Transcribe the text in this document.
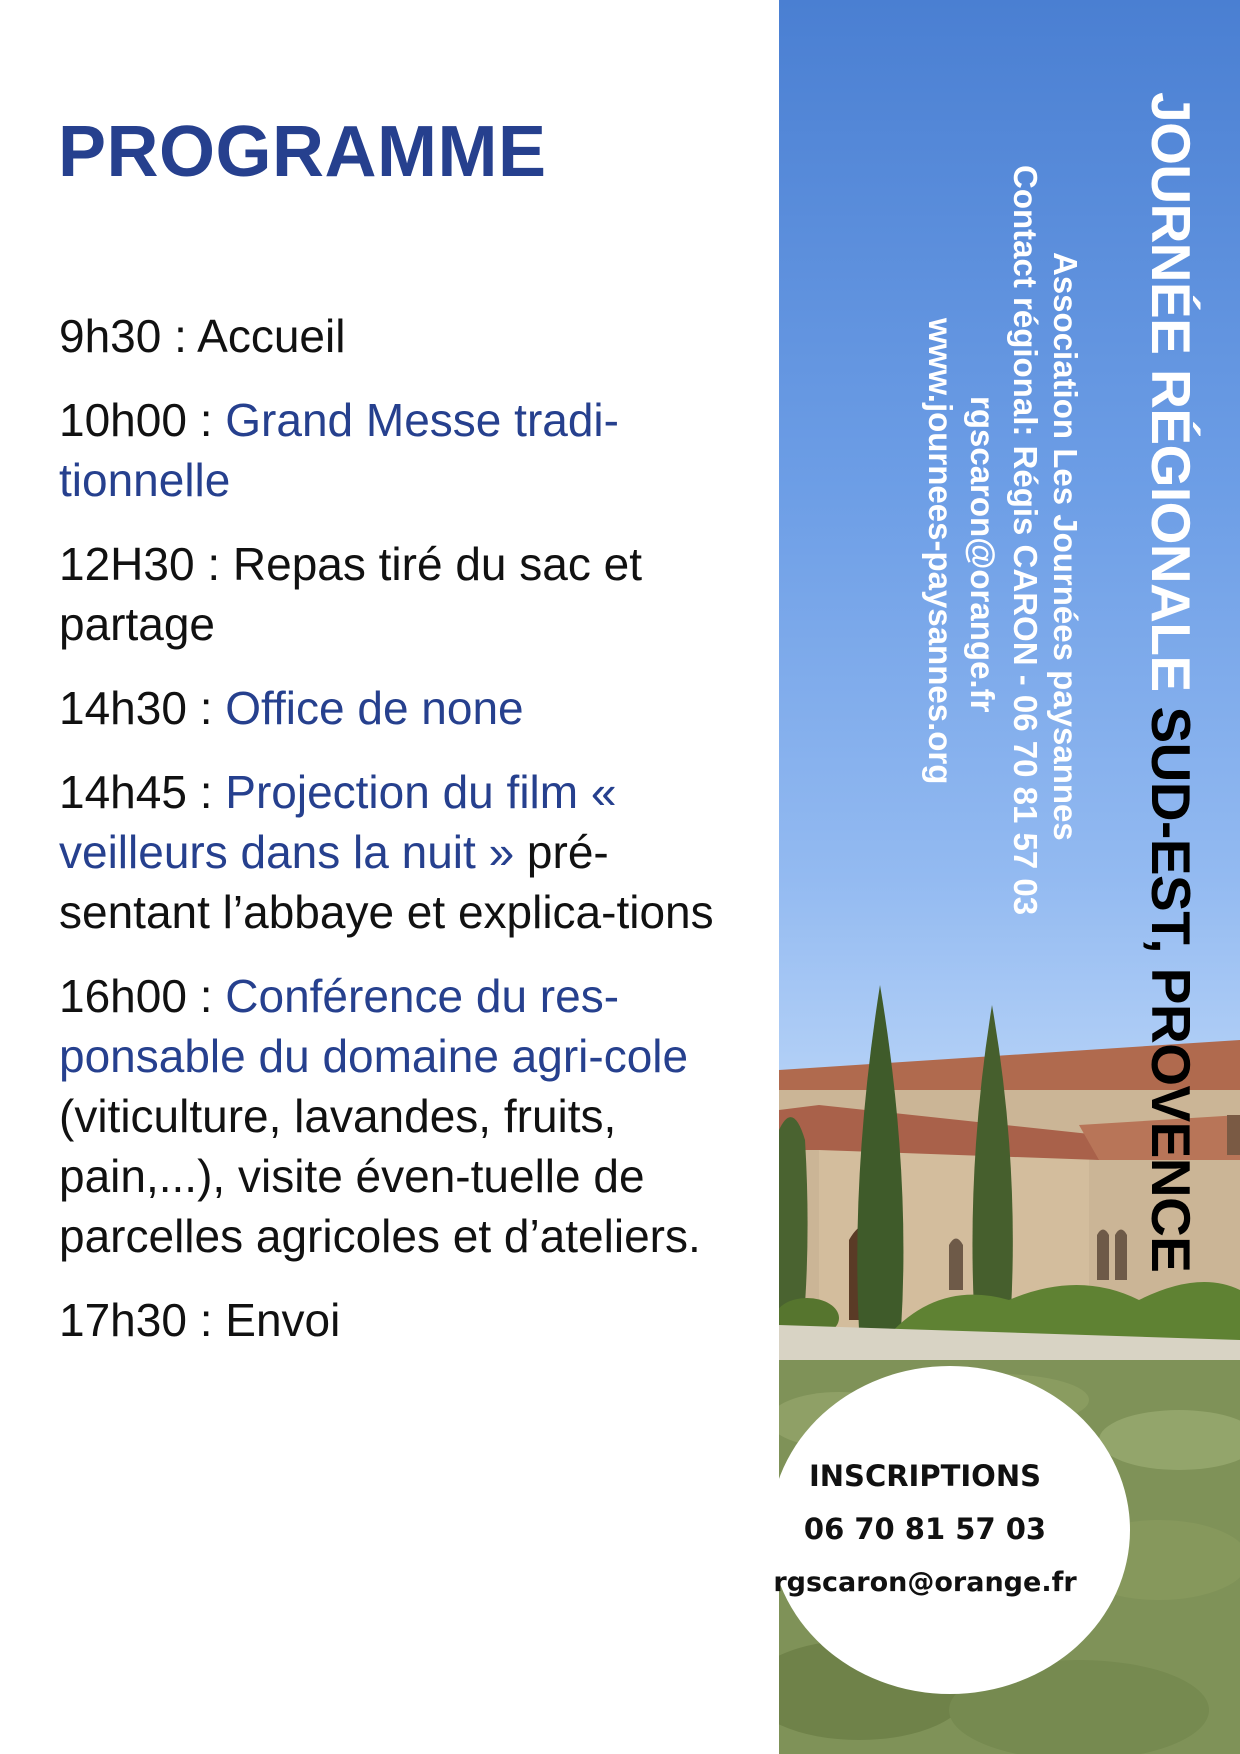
PROGRAMME
9h30 : Accueil
10h00 : Grand Messe tradi-tionnelle
12H30 : Repas tiré du sac et partage
14h30 : Office de none
14h45 : Projection du film « veilleurs dans la nuit » pré-sentant l’abbaye et explica-tions
16h00 : Conférence du res-ponsable du domaine agri-cole (viticulture, lavandes, fruits, pain,...), visite éven-tuelle de parcelles agricoles et d’ateliers.
17h30 : Envoi
JOURNÉE RÉGIONALE SUD-EST, PROVENCE
Association Les Journées paysannes
Contact régional: Régis CARON - 06 70 81 57 03
rgscaron@orange.fr
www.journees-paysannes.org

INSCRIPTIONS

06 70 81 57 03

rgscaron@orange.fr
